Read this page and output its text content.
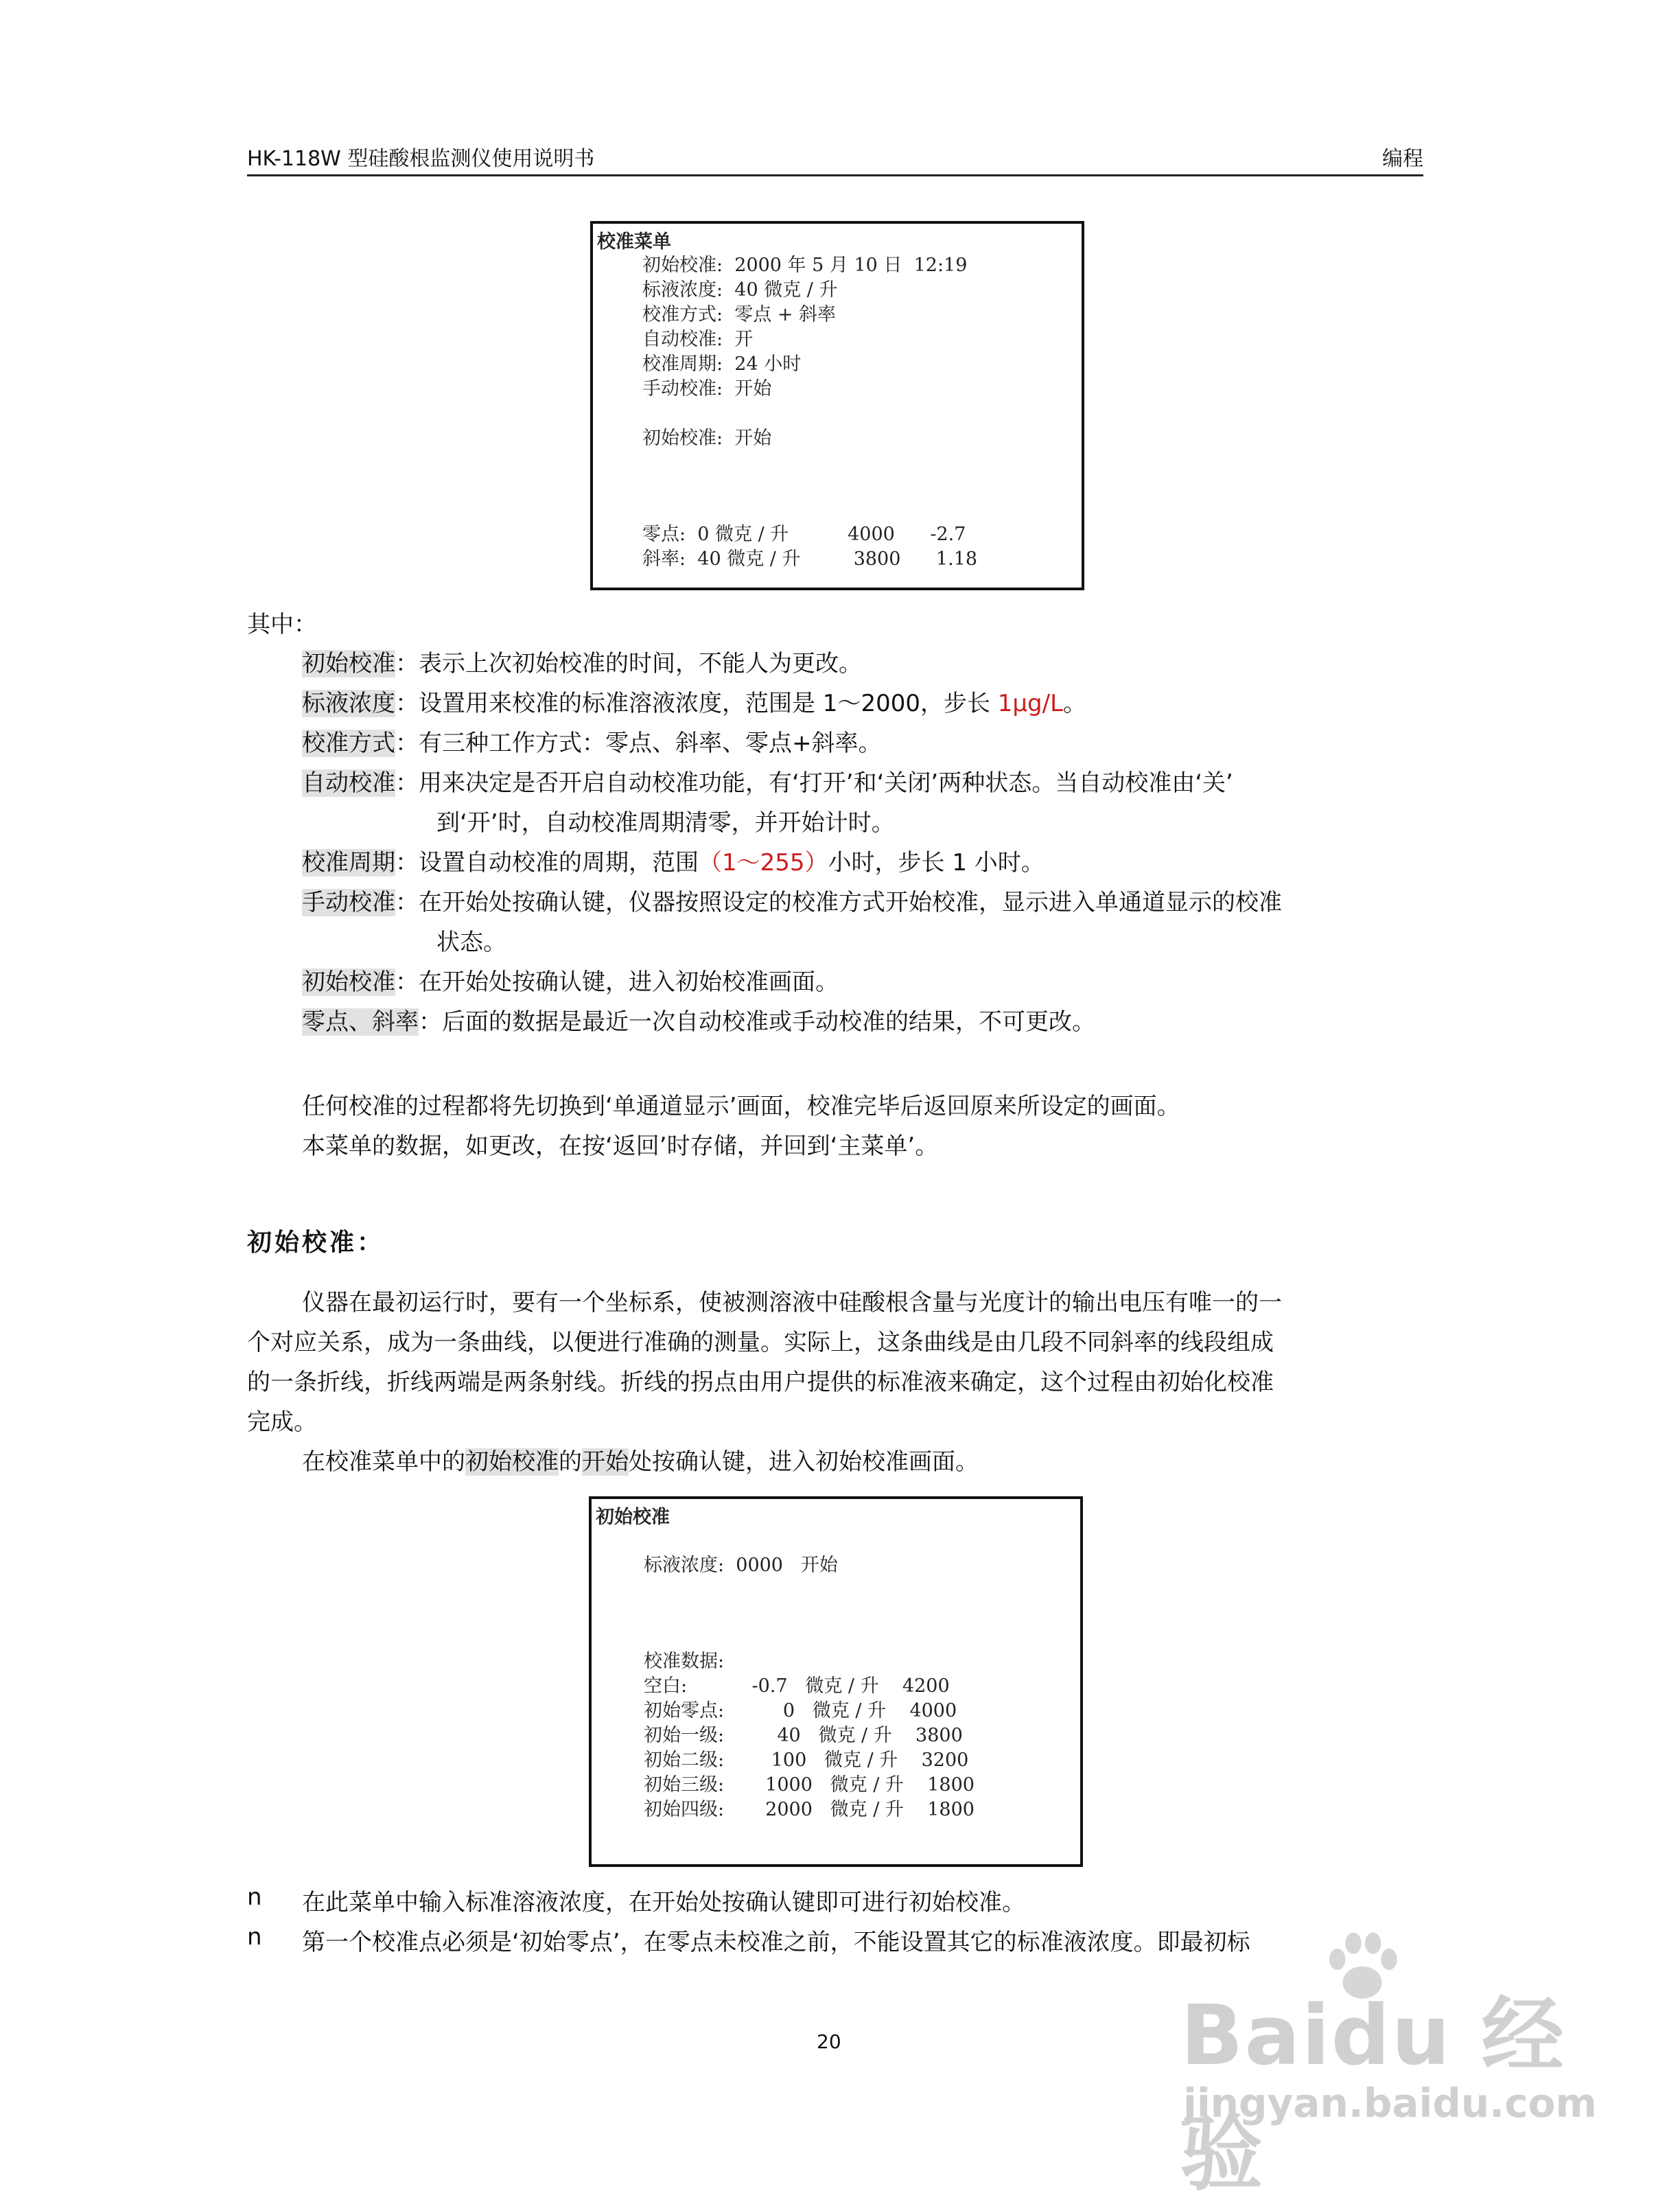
HK-118W 型硅酸根监测仪使用说明书	编程
校准菜单
初始校准:  2000 年 5 月 10 日  12:19
标液浓度:  40 微克 / 升
校准方式:  零点 + 斜率
自动校准:  开
校准周期:  24 小时
手动校准:  开始
初始校准:  开始
零点:  0 微克 / 升          4000      -2.7
斜率:  40 微克 / 升         3800      1.18
其中：
初始校准：表示上次初始校准的时间，不能人为更改。
标液浓度：设置用来校准的标准溶液浓度，范围是 1～2000，步长 1μg/L。
校准方式：有三种工作方式：零点、斜率、零点+斜率。
自动校准：用来决定是否开启自动校准功能，有‘打开’和‘关闭’两种状态。当自动校准由‘关’
到‘开’时，自动校准周期清零，并开始计时。
校准周期：设置自动校准的周期，范围（1～255）小时，步长 1 小时。
手动校准：在开始处按确认键，仪器按照设定的校准方式开始校准，显示进入单通道显示的校准
状态。
初始校准：在开始处按确认键，进入初始校准画面。
零点、斜率：后面的数据是最近一次自动校准或手动校准的结果，不可更改。
任何校准的过程都将先切换到‘单通道显示’画面，校准完毕后返回原来所设定的画面。
本菜单的数据，如更改，在按‘返回’时存储，并回到‘主菜单’。
初始校准：
仪器在最初运行时，要有一个坐标系，使被测溶液中硅酸根含量与光度计的输出电压有唯一的一
个对应关系，成为一条曲线，以便进行准确的测量。实际上，这条曲线是由几段不同斜率的线段组成
的一条折线，折线两端是两条射线。折线的拐点由用户提供的标准液来确定，这个过程由初始化校准
完成。
在校准菜单中的初始校准的开始处按确认键，进入初始校准画面。
初始校准
标液浓度:  0000   开始
校准数据:
空白:           -0.7   微克 / 升    4200
初始零点:          0   微克 / 升    4000
初始一级:         40   微克 / 升    3800
初始二级:        100   微克 / 升    3200
初始三级:       1000   微克 / 升    1800
初始四级:       2000   微克 / 升    1800
n 在此菜单中输入标准溶液浓度，在开始处按确认键即可进行初始校准。
n 第一个校准点必须是‘初始零点’，在零点未校准之前，不能设置其它的标准液浓度。即最初标
20	Baidu 经验
jingyan.baidu.com
